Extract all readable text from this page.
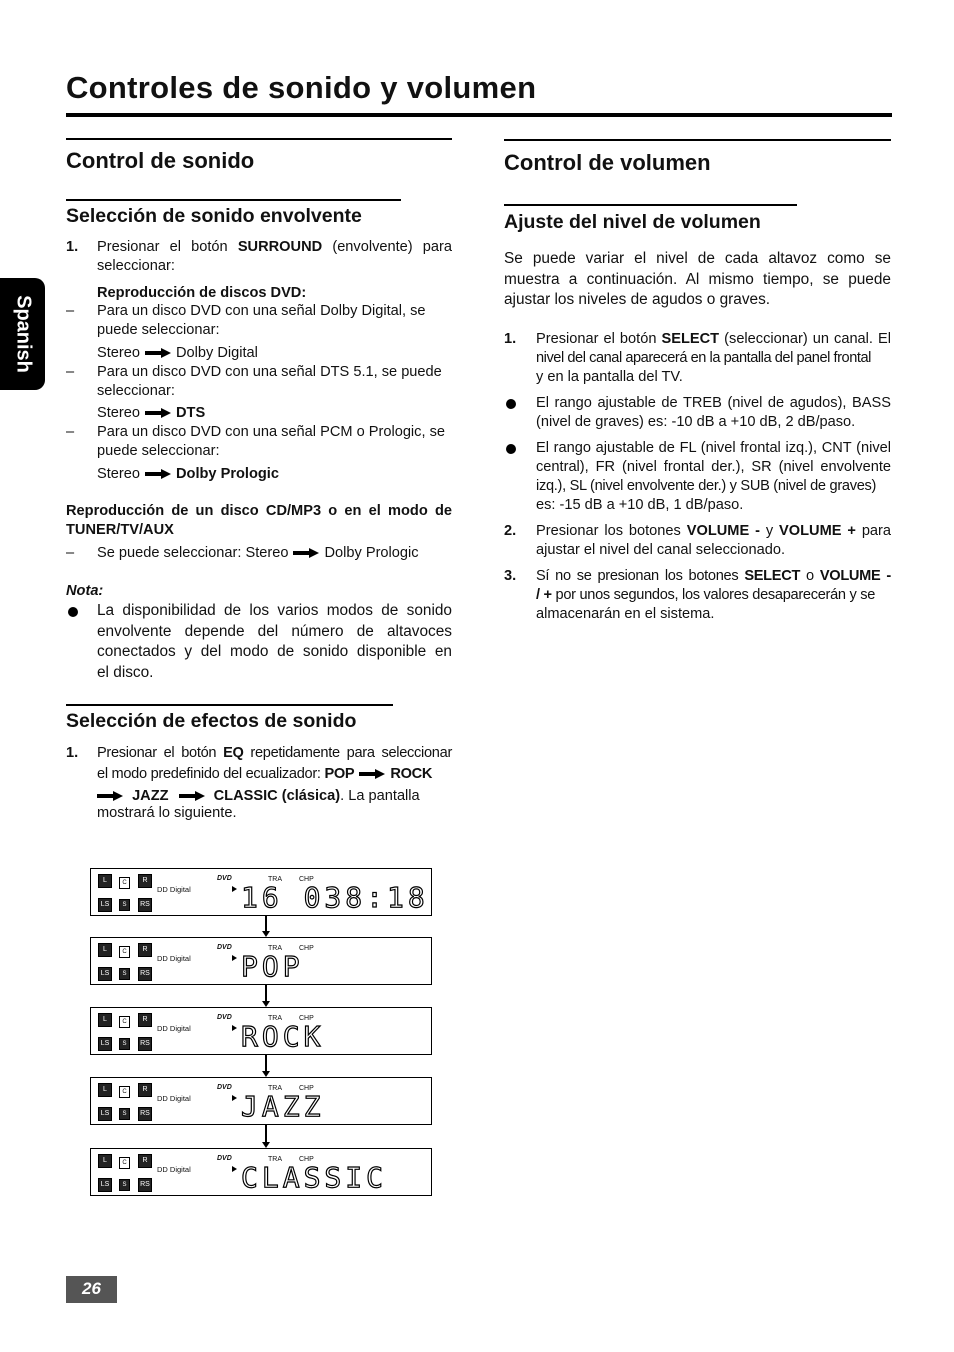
Controles de sonido y volumen
Spanish
Control de sonido
Selección de sonido envolvente
1. Presionar el botón SURROUND (envolvente) para
seleccionar:
Reproducción de discos DVD:
– Para un disco DVD con una señal Dolby Digital, se
puede seleccionar:
Stereo Dolby Digital
– Para un disco DVD con una señal DTS 5.1, se puede
seleccionar:
Stereo DTS
– Para un disco DVD con una señal PCM o Prologic, se
puede seleccionar:
Stereo Dolby Prologic
Reproducción de un disco CD/MP3 o en el modo de
TUNER/TV/AUX
– Se puede seleccionar: Stereo Dolby Prologic
Nota:
La disponibilidad de los varios modos de sonido
envolvente depende del número de altavoces
conectados y del modo de sonido disponible en
el disco.
Selección de efectos de sonido
1. Presionar el botón EQ repetidamente para seleccionar
el modo predefinido del ecualizador: POP ROCK
JAZZ	CLASSIC (clásica). La pantalla
mostrará lo siguiente.
L	C	R
LS	S	RS
DD Digital
DVD	TRA CHP
16 038:18
L	C	R
LS	S	RS
DD Digital
DVD	TRA CHP
POP
L	C	R
LS	S	RS
DD Digital
DVD	TRA CHP
ROCK
L	C	R
LS	S	RS
DD Digital
DVD	TRA CHP
JAZZ
L	C	R
LS	S	RS
DD Digital
DVD	TRA CHP
CLASSIC
Control de volumen
Ajuste del nivel de volumen
Se puede variar el nivel de cada altavoz como se
muestra a continuación. Al mismo tiempo, se puede
ajustar los niveles de agudos o graves.
1. Presionar el botón SELECT (seleccionar) un canal. El
nivel del canal aparecerá en la pantalla del panel frontal
y en la pantalla del TV.
El rango ajustable de TREB (nivel de agudos), BASS
(nivel de graves) es: -10 dB a +10 dB, 2 dB/paso.
El rango ajustable de FL (nivel frontal izq.), CNT (nivel
central), FR (nivel frontal der.), SR (nivel envolvente
izq.), SL (nivel envolvente der.) y SUB (nivel de graves)
es: -15 dB a +10 dB, 1 dB/paso.
2. Presionar los botones VOLUME - y VOLUME + para
ajustar el nivel del canal seleccionado.
3. Sí no se presionan los botones SELECT o VOLUME -
/ + por unos segundos, los valores desaparecerán y se
almacenarán en el sistema.
26
